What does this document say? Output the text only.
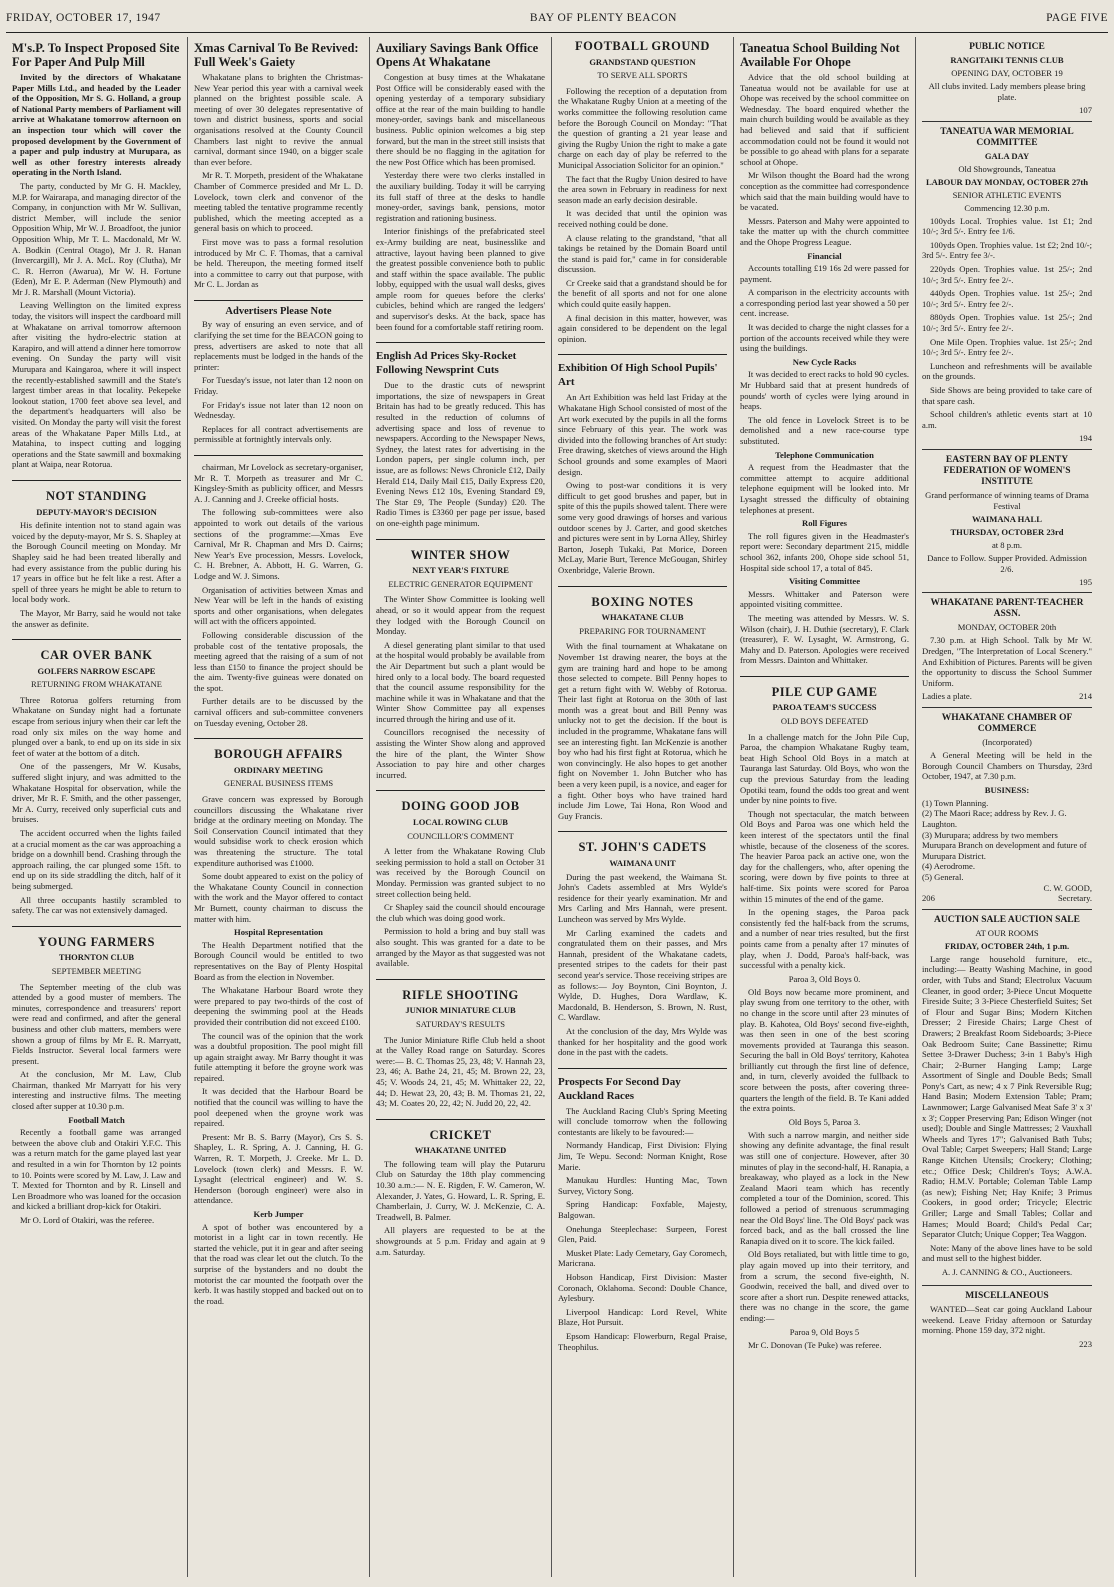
FRIDAY, OCTOBER 17, 1947	BAY OF PLENTY BEACON	PAGE FIVE
M's.P. To Inspect Proposed Site For Paper And Pulp Mill

Invited by the directors of Whakatane Paper Mills Ltd., and headed by the Leader of the Opposition, Mr S. G. Holland, a group of National Party members of Parliament will arrive at Whakatane tomorrow afternoon on an inspection tour which will cover the proposed development by the Government of a paper and pulp industry at Murupara, as well as other forestry interests already operating in the North Island.

The party, conducted by Mr G. H. Mackley, M.P. for Wairarapa, and managing director of the Company, in conjunction with Mr W. Sullivan, district Member, will include the senior Opposition Whip, Mr W. J. Broadfoot, the junior Opposition Whip, Mr T. L. Macdonald, Mr W. A. Bodkin (Central Otago), Mr J. R. Hanan (Invercargill), Mr J. A. McL. Roy (Clutha), Mr C. R. Herron (Awarua), Mr W. H. Fortune (Eden), Mr E. P. Aderman (New Plymouth) and Mr J. R. Marshall (Mount Victoria).

Leaving Wellington on the limited express today, the visitors will inspect the cardboard mill at Whakatane on arrival tomorrow afternoon after visiting the hydro-electric station at Karapiro, and will attend a dinner here tomorrow evening. On Sunday the party will visit Murupara and Kaingaroa, where it will inspect the recently-established sawmill and the State's largest timber areas in that locality. Pekepeke lookout station, 1700 feet above sea level, and the department's headquarters will also be visited. On Monday the party will visit the forest areas of the Whakatane Paper Mills Ltd., at Matahina, to inspect cutting and logging operations and the State sawmill and boxmaking plant at Waipa, near Rotorua.

NOT STANDING
DEPUTY-MAYOR'S DECISION

His definite intention not to stand again was voiced by the deputy-mayor, Mr S. S. Shapley at the Borough Council meeting on Monday. Mr Shapley said he had been treated liberally and had every assistance from the public during his 17 years in office but he felt like a rest. After a spell of three years he might be able to return to local body work.

The Mayor, Mr Barry, said he would not take the answer as definite.

CAR OVER BANK
GOLFERS NARROW ESCAPE
RETURNING FROM WHAKATANE

Three Rotorua golfers returning from Whakatane on Sunday night had a fortunate escape from serious injury when their car left the road only six miles on the way home and plunged over a bank, to end up on its side in six feet of water at the bottom of a ditch.

One of the passengers, Mr W. Kusabs, suffered slight injury, and was admitted to the Whakatane Hospital for observation, while the driver, Mr R. F. Smith, and the other passenger, Mr A. Curry, received only superficial cuts and bruises.

The accident occurred when the lights failed at a crucial moment as the car was approaching a bridge on a downhill bend. Crashing through the approach railing, the car plunged some 15ft. to end up on its side straddling the ditch, half of it being submerged.

All three occupants hastily scrambled to safety. The car was not extensively damaged.

YOUNG FARMERS
THORNTON CLUB
SEPTEMBER MEETING

The September meeting of the club was attended by a good muster of members. The minutes, correspondence and treasurers' report were read and confirmed, and after the general business and other club matters, members were shown a group of films by Mr E. R. Marryatt, Fields Instructor. Several local farmers were present.

At the conclusion, Mr M. Law, Club Chairman, thanked Mr Marryatt for his very interesting and instructive films. The meeting closed after supper at 10.30 p.m.

Football Match

Recently a football game was arranged between the above club and Otakiri Y.F.C. This was a return match for the game played last year and resulted in a win for Thornton by 12 points to 10. Points were scored by M. Law, J. Law and T. Mexted for Thornton and by R. Linsell and Len Broadmore who was loaned for the occasion and kicked a brilliant drop-kick for Otakiri.

Mr O. Lord of Otakiri, was the referee.

Xmas Carnival To Be Revived: Full Week's Gaiety

Whakatane plans to brighten the Christmas-New Year period this year with a carnival week planned on the brightest possible scale. A meeting of over 30 delegates representative of town and district business, sports and social organisations resolved at the County Council Chambers last night to revive the annual carnival, dormant since 1940, on a bigger scale than ever before.

Mr R. T. Morpeth, president of the Whakatane Chamber of Commerce presided and Mr L. D. Lovelock, town clerk and convenor of the meeting tabled the tentative programme recently published, which the meeting accepted as a general basis on which to proceed.

First move was to pass a formal resolution introduced by Mr C. F. Thomas, that a carnival be held. Thereupon, the meeting formed itself into a committee to carry out that purpose, with Mr C. L. Jordan as

Advertisers Please Note

By way of ensuring an even service, and of clarifying the set time for the BEACON going to press, advertisers are asked to note that all replacements must be lodged in the hands of the printer:

For Tuesday's issue, not later than 12 noon on Friday.

For Friday's issue not later than 12 noon on Wednesday.

Replaces for all contract advertisements are permissible at fortnightly intervals only.

chairman, Mr Lovelock as secretary-organiser, Mr R. T. Morpeth as treasurer and Mr C. Kingsley-Smith as publicity officer, and Messrs A. J. Canning and J. Creeke official hosts.

The following sub-committees were also appointed to work out details of the various sections of the programme:—Xmas Eve Carnival, Mr R. Chapman and Mrs D. Cairns; New Year's Eve procession, Messrs. Lovelock, C. H. Brebner, A. Abbott, H. G. Warren, G. Lodge and W. J. Simons.

Organisation of activities between Xmas and New Year will be left in the hands of existing sports and other organisations, when delegates will act with the officers appointed.

Following considerable discussion of the probable cost of the tentative proposals, the meeting agreed that the raising of a sum of not less than £150 to finance the project should be the aim. Twenty-five guineas were donated on the spot.

Further details are to be discussed by the carnival officers and sub-committee conveners on Tuesday evening, October 28.

BOROUGH AFFAIRS
ORDINARY MEETING
GENERAL BUSINESS ITEMS

Grave concern was expressed by Borough councillors discussing the Whakatane river bridge at the ordinary meeting on Monday. The Soil Conservation Council intimated that they would subsidise work to check erosion which was threatening the structure. The total expenditure authorised was £1000.

Some doubt appeared to exist on the policy of the Whakatane County Council in connection with the work and the Mayor offered to contact Mr Burnett, county chairman to discuss the matter with him.

Hospital Representation

The Health Department notified that the Borough Council would be entitled to two representatives on the Bay of Plenty Hospital Board as from the election in November.

The Whakatane Harbour Board wrote they were prepared to pay two-thirds of the cost of deepening the swimming pool at the Heads provided their contribution did not exceed £100.

The council was of the opinion that the work was a doubtful proposition. The pool might fill up again straight away. Mr Barry thought it was futile attempting it before the groyne work was repaired.

It was decided that the Harbour Board be notified that the council was willing to have the pool deepened when the groyne work was repaired.

Present: Mr B. S. Barry (Mayor), Crs S. S. Shapley, L. R. Spring, A. J. Canning, H. G. Warren, R. T. Morpeth, J. Creeke. Mr L. D. Lovelock (town clerk) and Messrs. F. W. Lysaght (electrical engineer) and W. S. Henderson (borough engineer) were also in attendance.

Kerb Jumper

A spot of bother was encountered by a motorist in a light car in town recently. He started the vehicle, put it in gear and after seeing that the road was clear let out the clutch. To the surprise of the bystanders and no doubt the motorist the car mounted the footpath over the kerb. It was hastily stopped and backed out on to the road.

Auxiliary Savings Bank Office Opens At Whakatane

Congestion at busy times at the Whakatane Post Office will be considerably eased with the opening yesterday of a temporary subsidiary office at the rear of the main building to handle money-order, savings bank and miscellaneous business. Public opinion welcomes a big step forward, but the man in the street still insists that there should be no flagging in the agitation for the new Post Office which has been promised.

Yesterday there were two clerks installed in the auxiliary building. Today it will be carrying its full staff of three at the desks to handle money-order, savings bank, pensions, motor registration and rationing business.

Interior finishings of the prefabricated steel ex-Army building are neat, businesslike and attractive, layout having been planned to give the greatest possible convenience both to public and staff within the space available. The public lobby, equipped with the usual wall desks, gives ample room for queues before the clerks' cubicles, behind which are ranged the ledgers' and supervisor's desks. At the back, space has been found for a comfortable staff retiring room.

English Ad Prices Sky-Rocket Following Newsprint Cuts

Due to the drastic cuts of newsprint importations, the size of newspapers in Great Britain has had to be greatly reduced. This has resulted in the reduction of columns of advertising space and loss of revenue to newspapers. According to the Newspaper News, Sydney, the latest rates for advertising in the London papers, per single column inch, per issue, are as follows: News Chronicle £12, Daily Herald £14, Daily Mail £15, Daily Express £20, Evening News £12 10s, Evening Standard £9, The Star £9, The People (Sunday) £20. The Radio Times is £3360 per page per issue, based on one-eighth page minimum.

WINTER SHOW
NEXT YEAR'S FIXTURE
ELECTRIC GENERATOR EQUIPMENT

The Winter Show Committee is looking well ahead, or so it would appear from the request they lodged with the Borough Council on Monday.

A diesel generating plant similar to that used at the hospital would probably be available from the Air Department but such a plant would be hired only to a local body. The board requested that the council assume responsibility for the machine while it was in Whakatane and that the Winter Show Committee pay all expenses incurred through the hiring and use of it.

Councillors recognised the necessity of assisting the Winter Show along and approved the hire of the plant, the Winter Show Association to pay hire and other charges incurred.

DOING GOOD JOB
LOCAL ROWING CLUB
COUNCILLOR'S COMMENT

A letter from the Whakatane Rowing Club seeking permission to hold a stall on October 31 was received by the Borough Council on Monday. Permission was granted subject to no street collection being held.

Cr Shapley said the council should encourage the club which was doing good work.

Permission to hold a bring and buy stall was also sought. This was granted for a date to be arranged by the Mayor as that suggested was not available.

RIFLE SHOOTING
JUNIOR MINIATURE CLUB
SATURDAY'S RESULTS

The Junior Miniature Rifle Club held a shoot at the Valley Road range on Saturday. Scores were:— B. C. Thomas 25, 23, 48; V. Hannah 23, 23, 46; A. Bathe 24, 21, 45; M. Brown 22, 23, 45; V. Woods 24, 21, 45; M. Whittaker 22, 22, 44; D. Hewat 23, 20, 43; B. M. Thomas 21, 22, 43; M. Coates 20, 22, 42; N. Judd 20, 22, 42.

CRICKET
WHAKATANE UNITED

The following team will play the Putaruru Club on Saturday the 18th play commencing 10.30 a.m.:— N. E. Rigden, F. W. Cameron, W. Alexander, J. Yates, G. Howard, L. R. Spring, E. Chamberlain, J. Curry, W. J. McKenzie, C. A. Treadwell, B. Palmer.

All players are requested to be at the showgrounds at 5 p.m. Friday and again at 9 a.m. Saturday.

FOOTBALL GROUND
GRANDSTAND QUESTION
TO SERVE ALL SPORTS

Following the reception of a deputation from the Whakatane Rugby Union at a meeting of the works committee the following resolution came before the Borough Council on Monday: "That the question of granting a 21 year lease and giving the Rugby Union the right to make a gate charge on each day of play be referred to the Municipal Association Solicitor for an opinion."

The fact that the Rugby Union desired to have the area sown in February in readiness for next season made an early decision desirable.

It was decided that until the opinion was received nothing could be done.

A clause relating to the grandstand, "that all takings be retained by the Domain Board until the stand is paid for," came in for considerable discussion.

Cr Creeke said that a grandstand should be for the benefit of all sports and not for one alone which could quite easily happen.

A final decision in this matter, however, was again considered to be dependent on the legal opinion.

Exhibition Of High School Pupils' Art

An Art Exhibition was held last Friday at the Whakatane High School consisted of most of the Art work executed by the pupils in all the forms since February of this year. The work was divided into the following branches of Art study: Free drawing, sketches of views around the High School grounds and some examples of Maori design.

Owing to post-war conditions it is very difficult to get good brushes and paper, but in spite of this the pupils showed talent. There were some very good drawings of horses and various outdoor scenes by J. Carter, and good sketches and pictures were sent in by Lorna Alley, Shirley Barton, Joseph Tukaki, Pat Morice, Doreen McLay, Marie Burt, Terence McGougan, Shirley Oxenbridge, Valerie Brown.

BOXING NOTES
WHAKATANE CLUB
PREPARING FOR TOURNAMENT

With the final tournament at Whakatane on November 1st drawing nearer, the boys at the gym are training hard and hope to be among those selected to compete. Bill Penny hopes to get a return fight with W. Webby of Rotorua. Their last fight at Rotorua on the 30th of last month was a great bout and Bill Penny was unlucky not to get the decision. If the bout is included in the programme, Whakatane fans will see an interesting fight. Ian McKenzie is another boy who had his first fight at Rotorua, which he won convincingly. He also hopes to get another fight on November 1. John Butcher who has been a very keen pupil, is a novice, and eager for a fight. Other boys who have trained hard include Jim Lowe, Tai Hona, Ron Wood and Guy Francis.

ST. JOHN'S CADETS
WAIMANA UNIT

During the past weekend, the Waimana St. John's Cadets assembled at Mrs Wylde's residence for their yearly examination. Mr and Mrs Carling and Mrs Hannah, were present. Luncheon was served by Mrs Wylde.

Mr Carling examined the cadets and congratulated them on their passes, and Mrs Hannah, president of the Whakatane cadets, presented stripes to the cadets for their past second year's service. Those receiving stripes are as follows:— Joy Boynton, Cini Boynton, J. Wylde, D. Hughes, Dora Wardlaw, K. Macdonald, B. Henderson, S. Brown, N. Rust, C. Wardlaw.

At the conclusion of the day, Mrs Wylde was thanked for her hospitality and the good work done in the past with the cadets.

Prospects For Second Day Auckland Races

The Auckland Racing Club's Spring Meeting will conclude tomorrow when the following contestants are likely to be favoured:—

Normandy Handicap, First Division: Flying Jim, Te Wepu. Second: Norman Knight, Rose Marie.

Manukau Hurdles: Hunting Mac, Town Survey, Victory Song.

Spring Handicap: Foxfable, Majesty, Balgowan.

Onehunga Steeplechase: Surpeen, Forest Glen, Paid.

Musket Plate: Lady Cemetary, Gay Coromech, Maricrana.

Hobson Handicap, First Division: Master Coronach, Oklahoma. Second: Double Chance, Aylesbury.

Liverpool Handicap: Lord Revel, White Blaze, Hot Pursuit.

Epsom Handicap: Flowerburn, Regal Praise, Theophilus.

Taneatua School Building Not Available For Ohope

Advice that the old school building at Taneatua would not be available for use at Ohope was received by the school committee on Wednesday. The board enquired whether the main church building would be available as they had believed and said that if sufficient accommodation could not be found it would not be possible to go ahead with plans for a separate school at Ohope.

Mr Wilson thought the Board had the wrong conception as the committee had correspondence which said that the main building would have to be vacated.

Messrs. Paterson and Mahy were appointed to take the matter up with the church committee and the Ohope Progress League.

Financial

Accounts totalling £19 16s 2d were passed for payment.

A comparison in the electricity accounts with a corresponding period last year showed a 50 per cent. increase.

It was decided to charge the night classes for a portion of the accounts received while they were using the buildings.

New Cycle Racks

It was decided to erect racks to hold 90 cycles. Mr Hubbard said that at present hundreds of pounds' worth of cycles were lying around in heaps.

The old fence in Lovelock Street is to be demolished and a new race-course type substituted.

Telephone Communication

A request from the Headmaster that the committee attempt to acquire additional telephone equipment will be looked into. Mr Lysaght stressed the difficulty of obtaining telephones at present.

Roll Figures

The roll figures given in the Headmaster's report were: Secondary department 215, middle school 362, infants 200, Ohope side school 51, Hospital side school 17, a total of 845.

Visiting Committee

Messrs. Whittaker and Paterson were appointed visiting committee.

The meeting was attended by Messrs. W. S. Wilson (chair), J. H. Duthie (secretary), F. Clark (treasurer), F. W. Lysaght, W. Armstrong, G. Mahy and D. Paterson. Apologies were received from Messrs. Dainton and Whittaker.

PILE CUP GAME
PAROA TEAM'S SUCCESS
OLD BOYS DEFEATED

In a challenge match for the John Pile Cup, Paroa, the champion Whakatane Rugby team, beat High School Old Boys in a match at Tauranga last Saturday. Old Boys, who won the cup the previous Saturday from the leading Opotiki team, found the odds too great and went under by nine points to five.

Though not spectacular, the match between Old Boys and Paroa was one which held the keen interest of the spectators until the final whistle, because of the closeness of the scores. The heavier Paroa pack an active one, won the day for the challengers, who, after opening the scoring, were down by five points to three at half-time. Six points were scored for Paroa within 15 minutes of the end of the game.

In the opening stages, the Paroa pack consistently fed the half-back from the scrums, and a number of near tries resulted, but the first points came from a penalty after 17 minutes of play, when J. Dodd, Paroa's half-back, was successful with a penalty kick.

Paroa 3, Old Boys 0.

Old Boys now became more prominent, and play swung from one territory to the other, with no change in the score until after 23 minutes of play. B. Kahotea, Old Boys' second five-eighth, was then seen in one of the best scoring movements provided at Tauranga this season. Securing the ball in Old Boys' territory, Kahotea brilliantly cut through the first line of defence, and, in turn, cleverly avoided the fullback to score between the posts, after covering three-quarters the length of the field. B. Te Kani added the extra points.

Old Boys 5, Paroa 3.

With such a narrow margin, and neither side showing any definite advantage, the final result was still one of conjecture. However, after 30 minutes of play in the second-half, H. Ranapia, a breakaway, who played as a lock in the New Zealand Maori team which has recently completed a tour of the Dominion, scored. This followed a period of strenuous scrummaging near the Old Boys' line. The Old Boys' pack was forced back, and as the ball crossed the line Ranapia dived on it to score. The kick failed.

Old Boys retaliated, but with little time to go, play again moved up into their territory, and from a scrum, the second five-eighth, N. Goodwin, received the ball, and dived over to score after a short run. Despite renewed attacks, there was no change in the score, the game ending:—

Paroa 9, Old Boys 5

Mr C. Donovan (Te Puke) was referee.

PUBLIC NOTICE
RANGITAIKI TENNIS CLUB
OPENING DAY, OCTOBER 19
All clubs invited. Lady members please bring plate.
107
TANEATUA WAR MEMORIAL COMMITTEE
GALA DAY
Old Showgrounds, Taneatua
LABOUR DAY MONDAY, OCTOBER 27th
SENIOR ATHLETIC EVENTS
Commencing 12.30 p.m.

100yds Local. Trophies value. 1st £1; 2nd 10/-; 3rd 5/-. Entry fee 1/6.

100yds Open. Trophies value. 1st £2; 2nd 10/-; 3rd 5/-. Entry fee 3/-.

220yds Open. Trophies value. 1st 25/-; 2nd 10/-; 3rd 5/-. Entry fee 2/-.

440yds Open. Trophies value. 1st 25/-; 2nd 10/-; 3rd 5/-. Entry fee 2/-.

880yds Open. Trophies value. 1st 25/-; 2nd 10/-; 3rd 5/-. Entry fee 2/-.

One Mile Open. Trophies value. 1st 25/-; 2nd 10/-; 3rd 5/-. Entry fee 2/-.

Luncheon and refreshments will be available on the grounds.

Side Shows are being provided to take care of that spare cash.

School children's athletic events start at 10 a.m.

194
EASTERN BAY OF PLENTY FEDERATION OF WOMEN'S INSTITUTE
Grand performance of winning teams of Drama Festival
WAIMANA HALL
THURSDAY, OCTOBER 23rd
at 8 p.m.
Dance to Follow. Supper Provided. Admission 2/6.
195
WHAKATANE PARENT-TEACHER ASSN.
MONDAY, OCTOBER 20th

7.30 p.m. at High School. Talk by Mr W. Dredgen, "The Interpretation of Local Scenery." And Exhibition of Pictures. Parents will be given the opportunity to discuss the School Summer Uniform.

Ladies a plate.	214
WHAKATANE CHAMBER OF COMMERCE
(Incorporated)

A General Meeting will be held in the Borough Council Chambers on Thursday, 23rd October, 1947, at 7.30 p.m.

BUSINESS:
(1) Town Planning.
(2) The Maori Race; address by Rev. J. G. Laughton.
(3) Murupara; address by two members Murupara Branch on development and future of Murupara District.
(4) Aerodrome.
(5) General.
C. W. GOOD,
206	Secretary.
AUCTION SALE AUCTION SALE
AT OUR ROOMS
FRIDAY, OCTOBER 24th, 1 p.m.

Large range household furniture, etc., including:— Beatty Washing Machine, in good order, with Tubs and Stand; Electrolux Vacuum Cleaner, in good order; 3-Piece Uncut Moquette Fireside Suite; 3 3-Piece Chesterfield Suites; Set of Flour and Sugar Bins; Modern Kitchen Dresser; 2 Fireside Chairs; Large Chest of Drawers; 2 Breakfast Room Sideboards; 3-Piece Oak Bedroom Suite; Cane Bassinette; Rimu Settee 3-Drawer Duchess; 3-in 1 Baby's High Chair; 2-Burner Hanging Lamp; Large Assortment of Single and Double Beds; Small Pony's Cart, as new; 4 x 7 Pink Reversible Rug; Hand Basin; Modern Extension Table; Pram; Lawnmower; Large Galvanised Meat Safe 3' x 3' x 3'; Copper Preserving Pan; Edison Winger (not used); Double and Single Mattresses; 2 Vauxhall Wheels and Tyres 17"; Galvanised Bath Tubs; Oval Table; Carpet Sweepers; Hall Stand; Large Range Kitchen Utensils; Crockery; Clothing; etc.; Office Desk; Children's Toys; A.W.A. Radio; H.M.V. Portable; Coleman Table Lamp (as new); Fishing Net; Hay Knife; 3 Primus Cookers, in good order; Tricycle; Electric Griller; Large and Small Tables; Collar and Hames; Mould Board; Child's Pedal Car; Separator Clutch; Unique Copper; Tea Waggon.

Note: Many of the above lines have to be sold and must sell to the highest bidder.

A. J. CANNING & CO., Auctioneers.
MISCELLANEOUS

WANTED—Seat car going Auckland Labour weekend. Leave Friday afternoon or Saturday morning. Phone 159 day, 372 night.

223
